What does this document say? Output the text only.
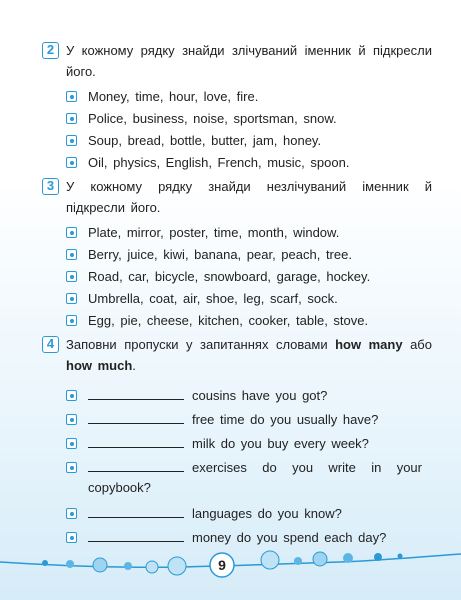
2 У кожному рядку знайди злічуваний іменник й підкресли його.
Money, time, hour, love, fire.
Police, business, noise, sportsman, snow.
Soup, bread, bottle, butter, jam, honey.
Oil, physics, English, French, music, spoon.
3 У кожному рядку знайди незлічуваний іменник й підкресли його.
Plate, mirror, poster, time, month, window.
Berry, juice, kiwi, banana, pear, peach, tree.
Road, car, bicycle, snowboard, garage, hockey.
Umbrella, coat, air, shoe, leg, scarf, sock.
Egg, pie, cheese, kitchen, cooker, table, stove.
4 Заповни пропуски у запитаннях словами how many або how much.
cousins have you got?
free time do you usually have?
milk do you buy every week?
exercises do you write in your copybook?
languages do you know?
money do you spend each day?
9
